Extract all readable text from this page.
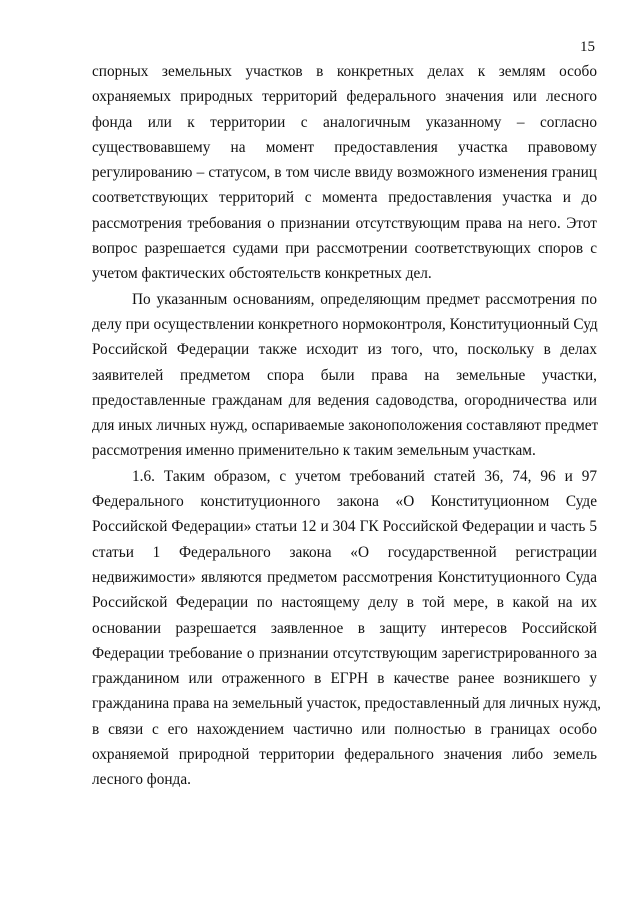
15
спорных земельных участков в конкретных делах к землям особо
охраняемых природных территорий федерального значения или лесного
фонда или к территории с аналогичным указанному – согласно
существовавшему на момент предоставления участка правовому
регулированию – статусом, в том числе ввиду возможного изменения границ
соответствующих территорий с момента предоставления участка и до
рассмотрения требования о признании отсутствующим права на него. Этот
вопрос разрешается судами при рассмотрении соответствующих споров с
учетом фактических обстоятельств конкретных дел.
По указанным основаниям, определяющим предмет рассмотрения по
делу при осуществлении конкретного нормоконтроля, Конституционный Суд
Российской Федерации также исходит из того, что, поскольку в делах
заявителей предметом спора были права на земельные участки,
предоставленные гражданам для ведения садоводства, огородничества или
для иных личных нужд, оспариваемые законоположения составляют предмет
рассмотрения именно применительно к таким земельным участкам.
1.6. Таким образом, с учетом требований статей 36, 74, 96 и 97
Федерального конституционного закона «О Конституционном Суде
Российской Федерации» статьи 12 и 304 ГК Российской Федерации и часть 5
статьи 1 Федерального закона «О государственной регистрации
недвижимости» являются предметом рассмотрения Конституционного Суда
Российской Федерации по настоящему делу в той мере, в какой на их
основании разрешается заявленное в защиту интересов Российской
Федерации требование о признании отсутствующим зарегистрированного за
гражданином или отраженного в ЕГРН в качестве ранее возникшего у
гражданина права на земельный участок, предоставленный для личных нужд,
в связи с его нахождением частично или полностью в границах особо
охраняемой природной территории федерального значения либо земель
лесного фонда.
